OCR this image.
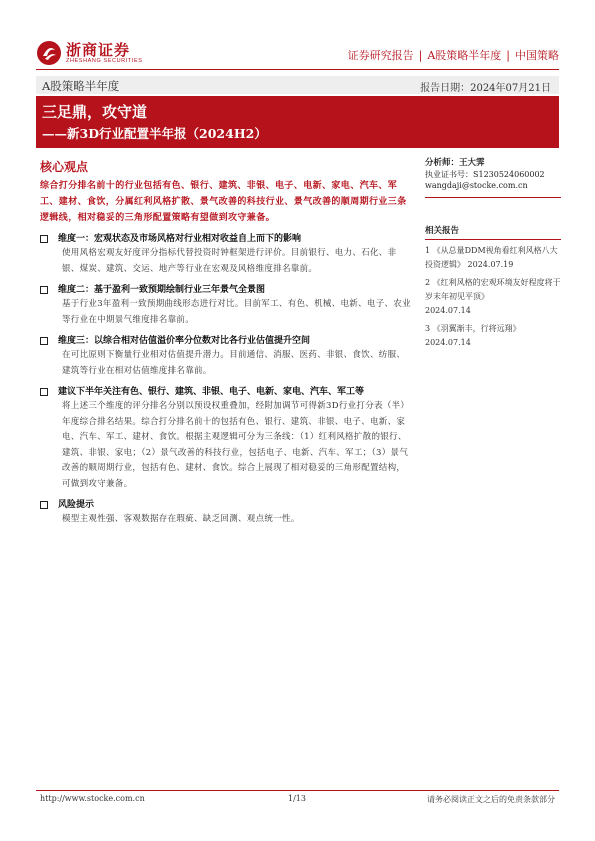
浙商证券
ZHESHANG SECURITIES	证券研究报告 | A股策略半年度 | 中国策略
A股策略半年度	报告日期：2024年07月21日
三足鼎，攻守道
——新3D行业配置半年报（2024H2）
核心观点	分析师：王大霁
执业证书号：S1230524060002
wangdaji@stocke.com.cn
相关报告
1 《从总量DDM视角看红利风格八大投资逻辑》 2024.07.19
2 《红利风格的宏观环境友好程度将于岁末年初见平顶》
2024.07.14
3 《羽翼渐丰，行将远翔》
2024.07.14
综合打分排名前十的行业包括有色、银行、建筑、非银、电子、电新、家电、汽车、军工、建材、食饮，分属红利风格扩散、景气改善的科技行业、景气改善的顺周期行业三条逻辑线，相对稳妥的三角形配置策略有望做到攻守兼备。
维度一：宏观状态及市场风格对行业相对收益自上而下的影响
使用风格宏观友好度评分指标代替投资时钟框架进行评价。目前银行、电力、石化、非银、煤炭、建筑、交运、地产等行业在宏观及风格维度排名靠前。
维度二：基于盈利一致预期绘制行业三年景气全景图
基于行业3年盈利一致预期曲线形态进行对比。目前军工、有色、机械、电新、电子、农业等行业在中期景气维度排名靠前。
维度三：以综合相对估值溢价率分位数对比各行业估值提升空间
在可比原则下衡量行业相对估值提升潜力。目前通信、消服、医药、非银、食饮、纺服、建筑等行业在相对估值维度排名靠前。
建议下半年关注有色、银行、建筑、非银、电子、电新、家电、汽车、军工等
将上述三个维度的评分排名分别以预设权重叠加，经附加调节可得新3D行业打分表（半）年度综合排名结果。综合打分排名前十的包括有色、银行、建筑、非银、电子、电新、家电、汽车、军工、建材、食饮。根据主观逻辑可分为三条线：（1）红利风格扩散的银行、建筑、非银、家电；（2）景气改善的科技行业，包括电子、电新、汽车、军工；（3）景气改善的顺周期行业，包括有色、建材、食饮。综合上展现了相对稳妥的三角形配置结构，可做到攻守兼备。
风险提示
模型主观性强、客观数据存在瑕疵、缺乏回测、观点统一性。
http://www.stocke.com.cn	1/13	请务必阅读正文之后的免责条款部分
